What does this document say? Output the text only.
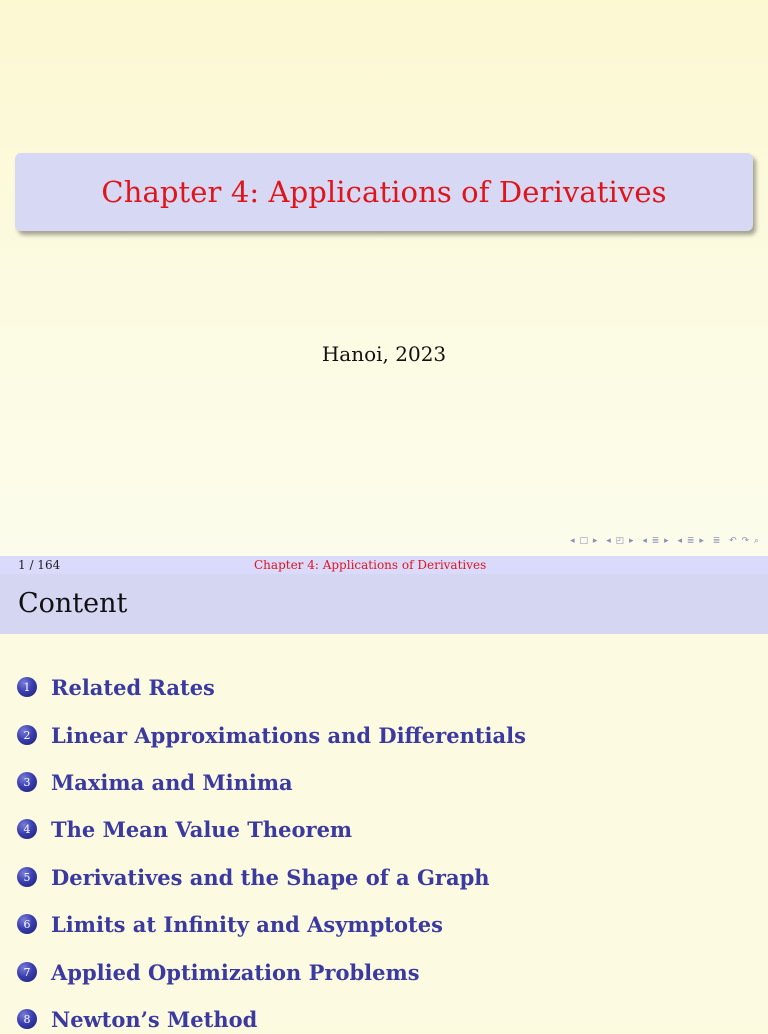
Chapter 4: Applications of Derivatives
Hanoi, 2023
◂ □ ▸ ◂ ◰ ▸ ◂ ≣ ▸ ◂ ≣ ▸ ≣ ↶ ↷ ⌕
1 / 164	Chapter 4: Applications of Derivatives
Content
1 Related Rates
2 Linear Approximations and Differentials
3 Maxima and Minima
4 The Mean Value Theorem
5 Derivatives and the Shape of a Graph
6 Limits at Infinity and Asymptotes
7 Applied Optimization Problems
8 Newton’s Method
